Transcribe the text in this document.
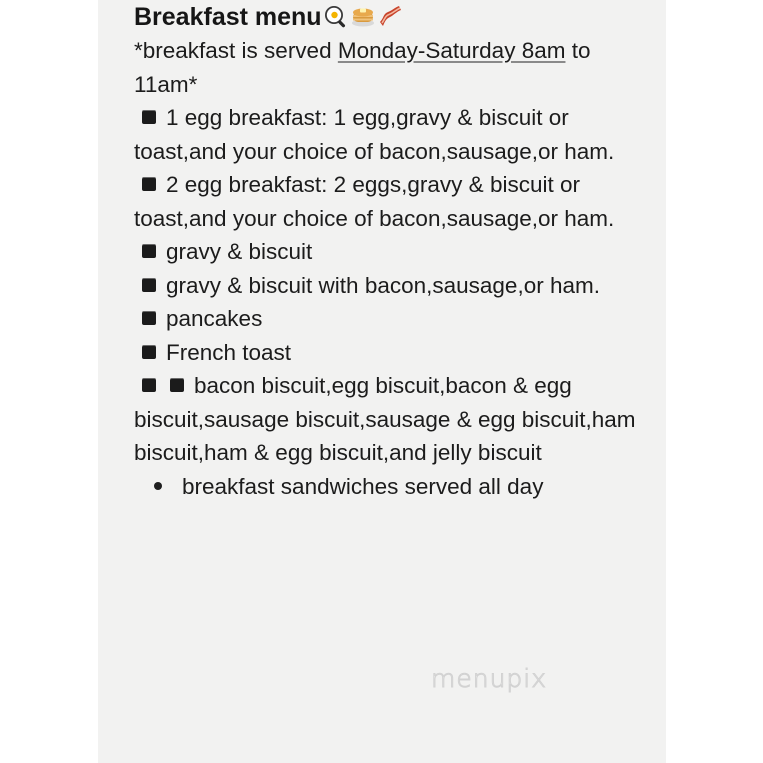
Breakfast menu

*breakfast is served Monday-Saturday 8am to 11am*

1 egg breakfast: 1 egg,gravy & biscuit or toast,and your choice of bacon,sausage,or ham.

2 egg breakfast: 2 eggs,gravy & biscuit or toast,and your choice of bacon,sausage,or ham.

gravy & biscuit

gravy & biscuit with bacon,sausage,or ham.

pancakes

French toast

bacon biscuit,egg biscuit,bacon & egg biscuit,sausage biscuit,sausage & egg biscuit,ham biscuit,ham & egg biscuit,and jelly biscuit

breakfast sandwiches served all day

menupix
